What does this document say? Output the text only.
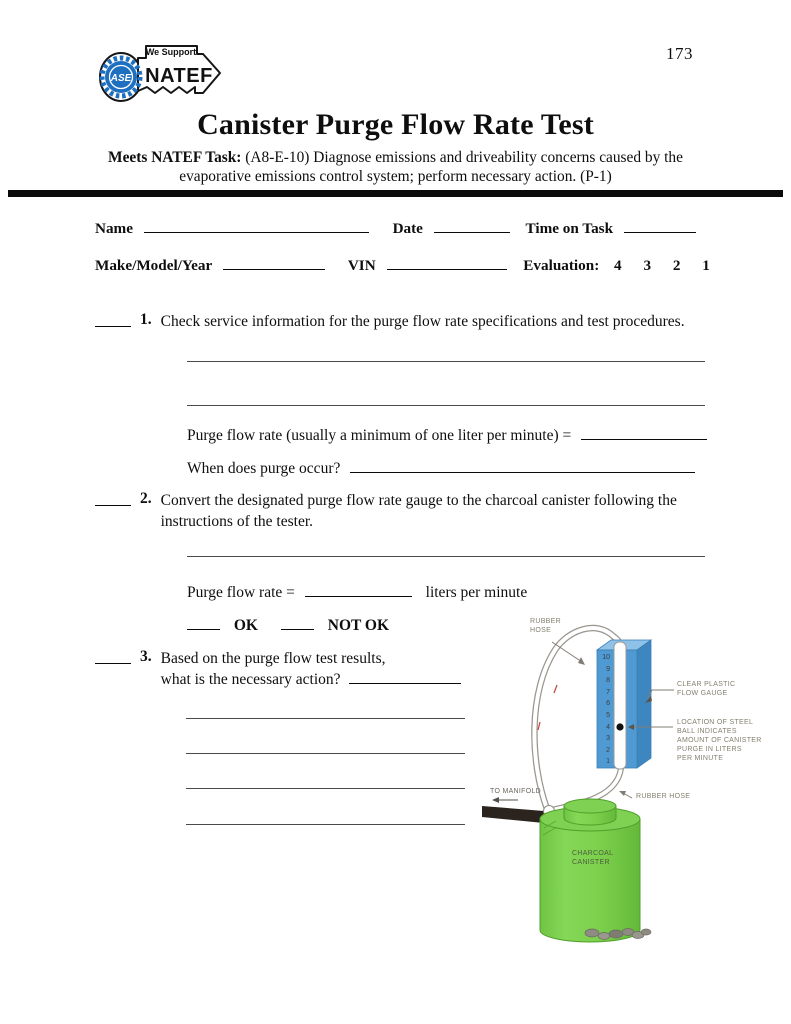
173
We Support
NATEF
ASE
Canister Purge Flow Rate Test
Meets NATEF Task: (A8-E-10) Diagnose emissions and driveability concerns caused by the
evaporative emissions control system; perform necessary action. (P-1)
Name	Date	Time on Task
Make/Model/Year	VIN	Evaluation: 4 3 2 1
1. Check service information for the purge flow rate specifications and test procedures.
Purge flow rate (usually a minimum of one liter per minute) =
When does purge occur?
2. Convert the designated purge flow rate gauge to the charcoal canister following the instructions of the tester.
Purge flow rate =	liters per minute
OK	NOT OK
3. Based on the purge flow test results,
what is the necessary action?
10
9
8
7
6
5
4
3
2
1
RUBBER
HOSE
CLEAR PLASTIC
FLOW GAUGE
LOCATION OF STEEL
BALL INDICATES
AMOUNT OF CANISTER
PURGE IN LITERS
PER MINUTE
TO MANIFOLD
RUBBER HOSE
CHARCOAL
CANISTER
